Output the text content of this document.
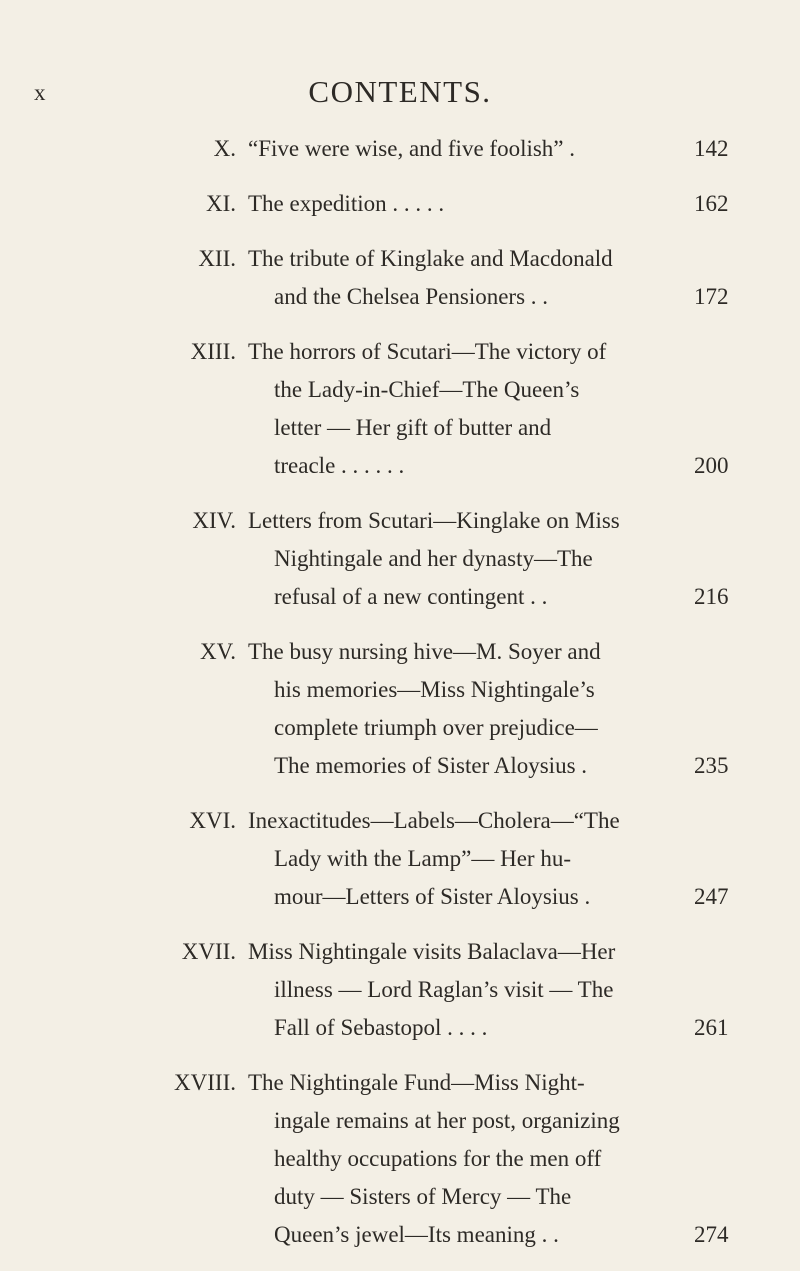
x	CONTENTS.
X. “Five were wise, and five foolish” .	142
XI. The expedition . . . . .	162
XII. The tribute of Kinglake and Macdonald
and the Chelsea Pensioners . .	172
XIII. The horrors of Scutari—The victory of
the Lady-in-Chief—The Queen’s
letter — Her gift of butter and
treacle . . . . . .	200
XIV. Letters from Scutari—Kinglake on Miss
Nightingale and her dynasty—The
refusal of a new contingent . .	216
XV. The busy nursing hive—M. Soyer and
his memories—Miss Nightingale’s
complete triumph over prejudice—
The memories of Sister Aloysius .	235
XVI. Inexactitudes—Labels—Cholera—“The
Lady with the Lamp”— Her hu-
mour—Letters of Sister Aloysius .	247
XVII. Miss Nightingale visits Balaclava—Her
illness — Lord Raglan’s visit — The
Fall of Sebastopol . . . .	261
XVIII. The Nightingale Fund—Miss Night-
ingale remains at her post, organizing
healthy occupations for the men off
duty — Sisters of Mercy — The
Queen’s jewel—Its meaning . .	274
